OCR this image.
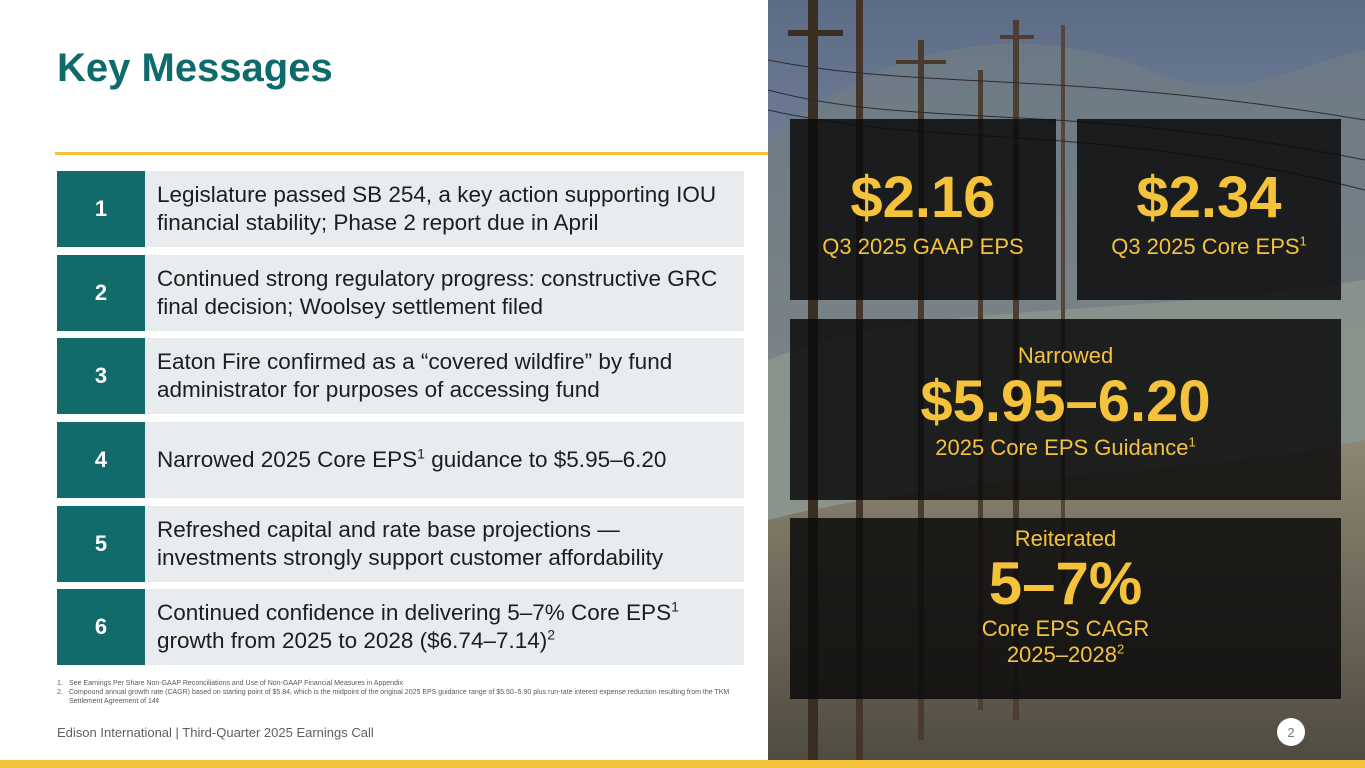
Key Messages
1
Legislature passed SB 254, a key action supporting IOU financial stability; Phase 2 report due in April
2
Continued strong regulatory progress: constructive GRC final decision; Woolsey settlement filed
3
Eaton Fire confirmed as a “covered wildfire” by fund administrator for purposes of accessing fund
4	Narrowed 2025 Core EPS$^1$ guidance to $5.95–6.20
5
Refreshed capital and rate base projections — investments strongly support customer affordability
6
Continued confidence in delivering 5–7% Core EPS$^1$
growth from 2025 to 2028 ($6.74–7.14)$^2$
1. See Earnings Per Share Non-GAAP Reconciliations and Use of Non-GAAP Financial Measures in Appendix
2. Compound annual growth rate (CAGR) based on starting point of $5.84, which is the midpoint of the original 2025 EPS guidance range of $5.50–5.90 plus run-rate interest expense reduction resulting from the TKM Settlement Agreement of 14¢
Edison International | Third-Quarter 2025 Earnings Call
$2.16
Q3 2025 GAAP EPS
$2.34
Q3 2025 Core EPS$^1$
Narrowed
$5.95–6.20
2025 Core EPS Guidance$^1$
Reiterated
5–7%
Core EPS CAGR
2025–2028$^2$
2
